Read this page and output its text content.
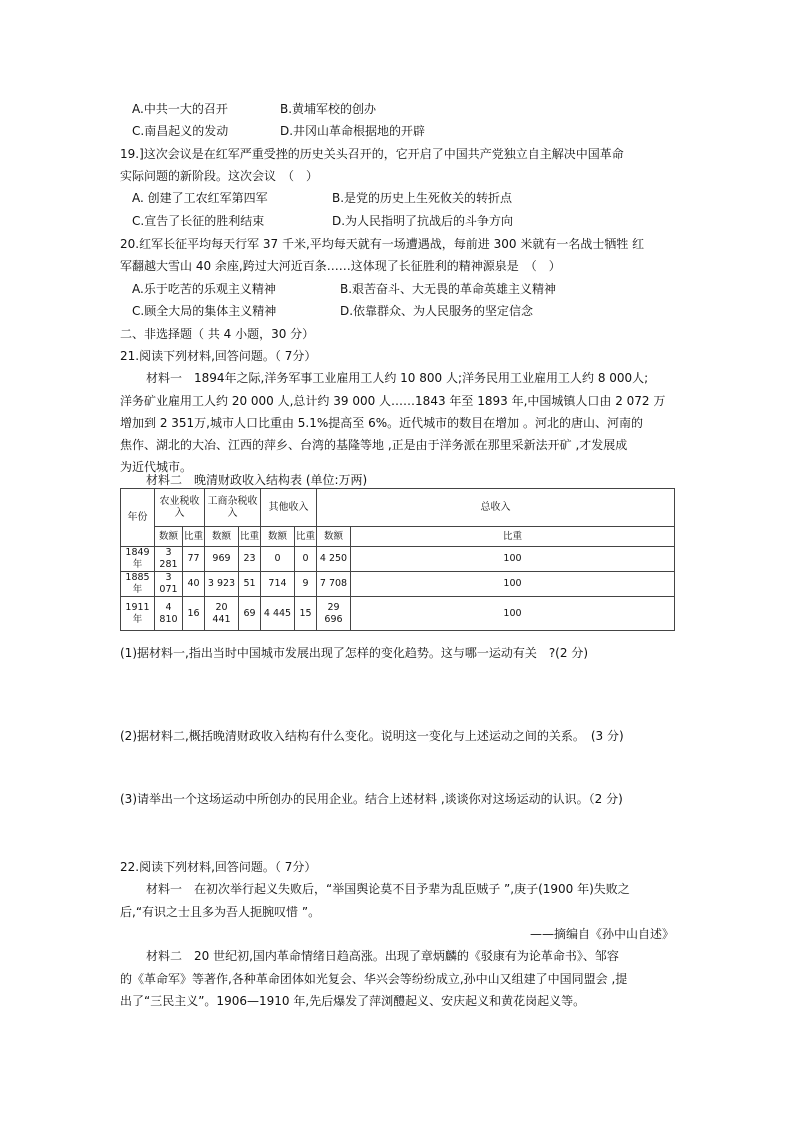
A.中共一大的召开	B.黄埔军校的创办
C.南昌起义的发动	D.井冈山革命根据地的开辟
19.]这次会议是在红军严重受挫的历史关头召开的，它开启了中国共产党独立自主解决中国革命
实际问题的新阶段。这次会议　（　）
A. 创建了工农红军第四军	B.是党的历史上生死攸关的转折点
C.宣告了长征的胜利结束	D.为人民指明了抗战后的斗争方向
20.红军长征平均每天行军 37 千米,平均每天就有一场遭遇战，每前进 300 米就有一名战士牺牲 红
军翻越大雪山 40 余座,跨过大河近百条……这体现了长征胜利的精神源泉是　（　）
A.乐于吃苦的乐观主义精神	B.艰苦奋斗、大无畏的革命英雄主义精神
C.顾全大局的集体主义精神	D.依靠群众、为人民服务的坚定信念
二、非选择题（ 共 4 小题，30 分）
21.阅读下列材料,回答问题。（ 7分）
材料一　1894年之际,洋务军事工业雇用工人约 10 800 人;洋务民用工业雇用工人约 8 000人;
洋务矿业雇用工人约 20 000 人,总计约 39 000 人……1843 年至 1893 年,中国城镇人口由 2 072 万
增加到 2 351万,城市人口比重由 5.1%提高至 6%。近代城市的数目在增加 。河北的唐山、河南的
焦作、湖北的大冶、江西的萍乡、台湾的基隆等地 ,正是由于洋务派在那里采新法开矿 ,才发展成
为近代城市。
材料二　晚清财政收入结构表 (单位:万两)
年份	农业税收入		工商杂税收入		其他收入		总收入	
	数额	比重	数额	比重	数额	比重	数额	比重
1849年	3 281	77	969	23	0	0	4 250	100
1885年	3 071	40	3 923	51	714	9	7 708	100
1911年	4 810	16	20 441	69	4 445	15	29 696	100
(1)据材料一,指出当时中国城市发展出现了怎样的变化趋势。这与哪一运动有关　?(2 分)
(2)据材料二,概括晚清财政收入结构有什么变化。说明这一变化与上述运动之间的关系。　(3 分)
(3)请举出一个这场运动中所创办的民用企业。结合上述材料 ,谈谈你对这场运动的认识。（2 分)
22.阅读下列材料,回答问题。（ 7分）
材料一　在初次举行起义失败后，“举国舆论莫不目予辈为乱臣贼子 ”,庚子(1900 年)失败之
后,“有识之士且多为吾人扼腕叹惜 ”。
——摘编自《孙中山自述》
材料二　20 世纪初,国内革命情绪日趋高涨。出现了章炳麟的《驳康有为论革命书》、邹容
的《革命军》等著作,各种革命团体如光复会、华兴会等纷纷成立,孙中山又组建了中国同盟会 ,提
出了“三民主义”。1906—1910 年,先后爆发了萍浏醴起义、安庆起义和黄花岗起义等。
